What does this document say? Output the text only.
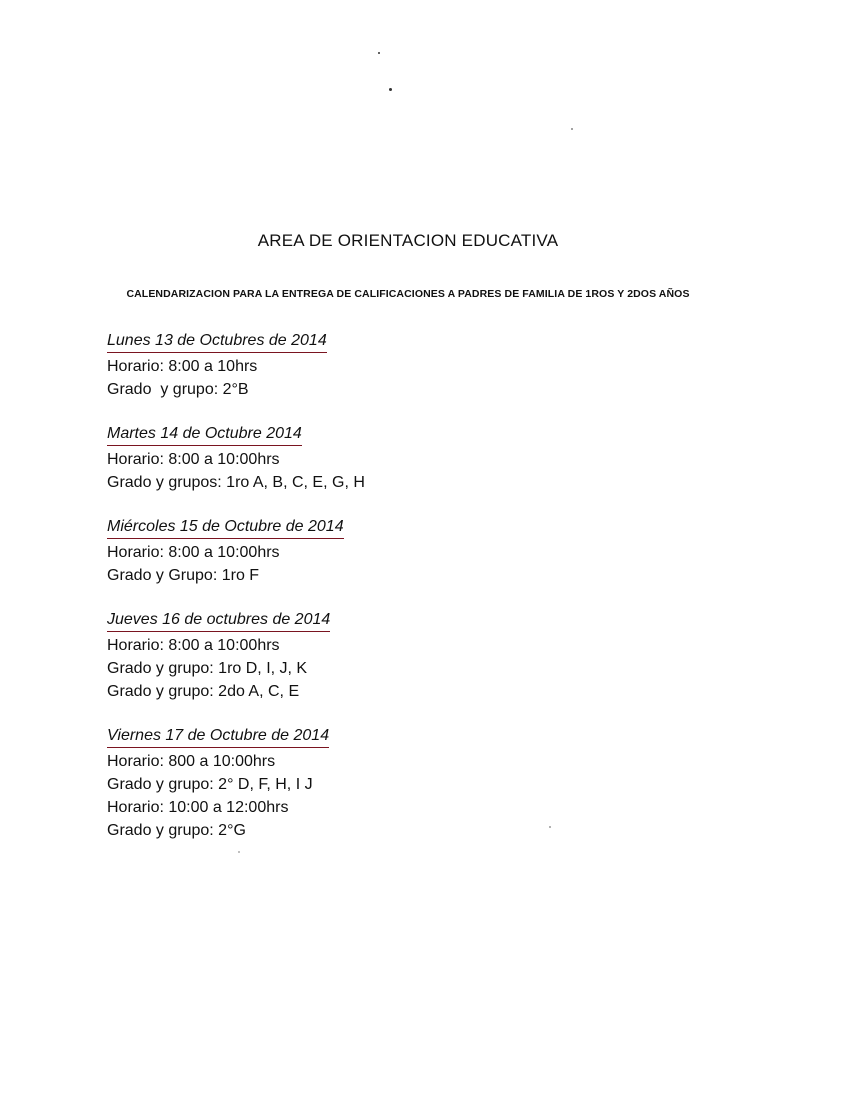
AREA DE ORIENTACION EDUCATIVA
CALENDARIZACION PARA LA ENTREGA DE CALIFICACIONES A PADRES DE FAMILIA DE 1ROS Y 2DOS AÑOS
Lunes 13 de Octubres de 2014
Horario: 8:00 a 10hrs
Grado  y grupo: 2°B
Martes 14 de Octubre 2014
Horario: 8:00 a 10:00hrs
Grado y grupos: 1ro A, B, C, E, G, H
Miércoles 15 de Octubre de 2014
Horario: 8:00 a 10:00hrs
Grado y Grupo: 1ro F
Jueves 16 de octubres de 2014
Horario: 8:00 a 10:00hrs
Grado y grupo: 1ro D, I, J, K
Grado y grupo: 2do A, C, E
Viernes 17 de Octubre de 2014
Horario: 800 a 10:00hrs
Grado y grupo: 2° D, F, H, I J
Horario: 10:00 a 12:00hrs
Grado y grupo: 2°G
